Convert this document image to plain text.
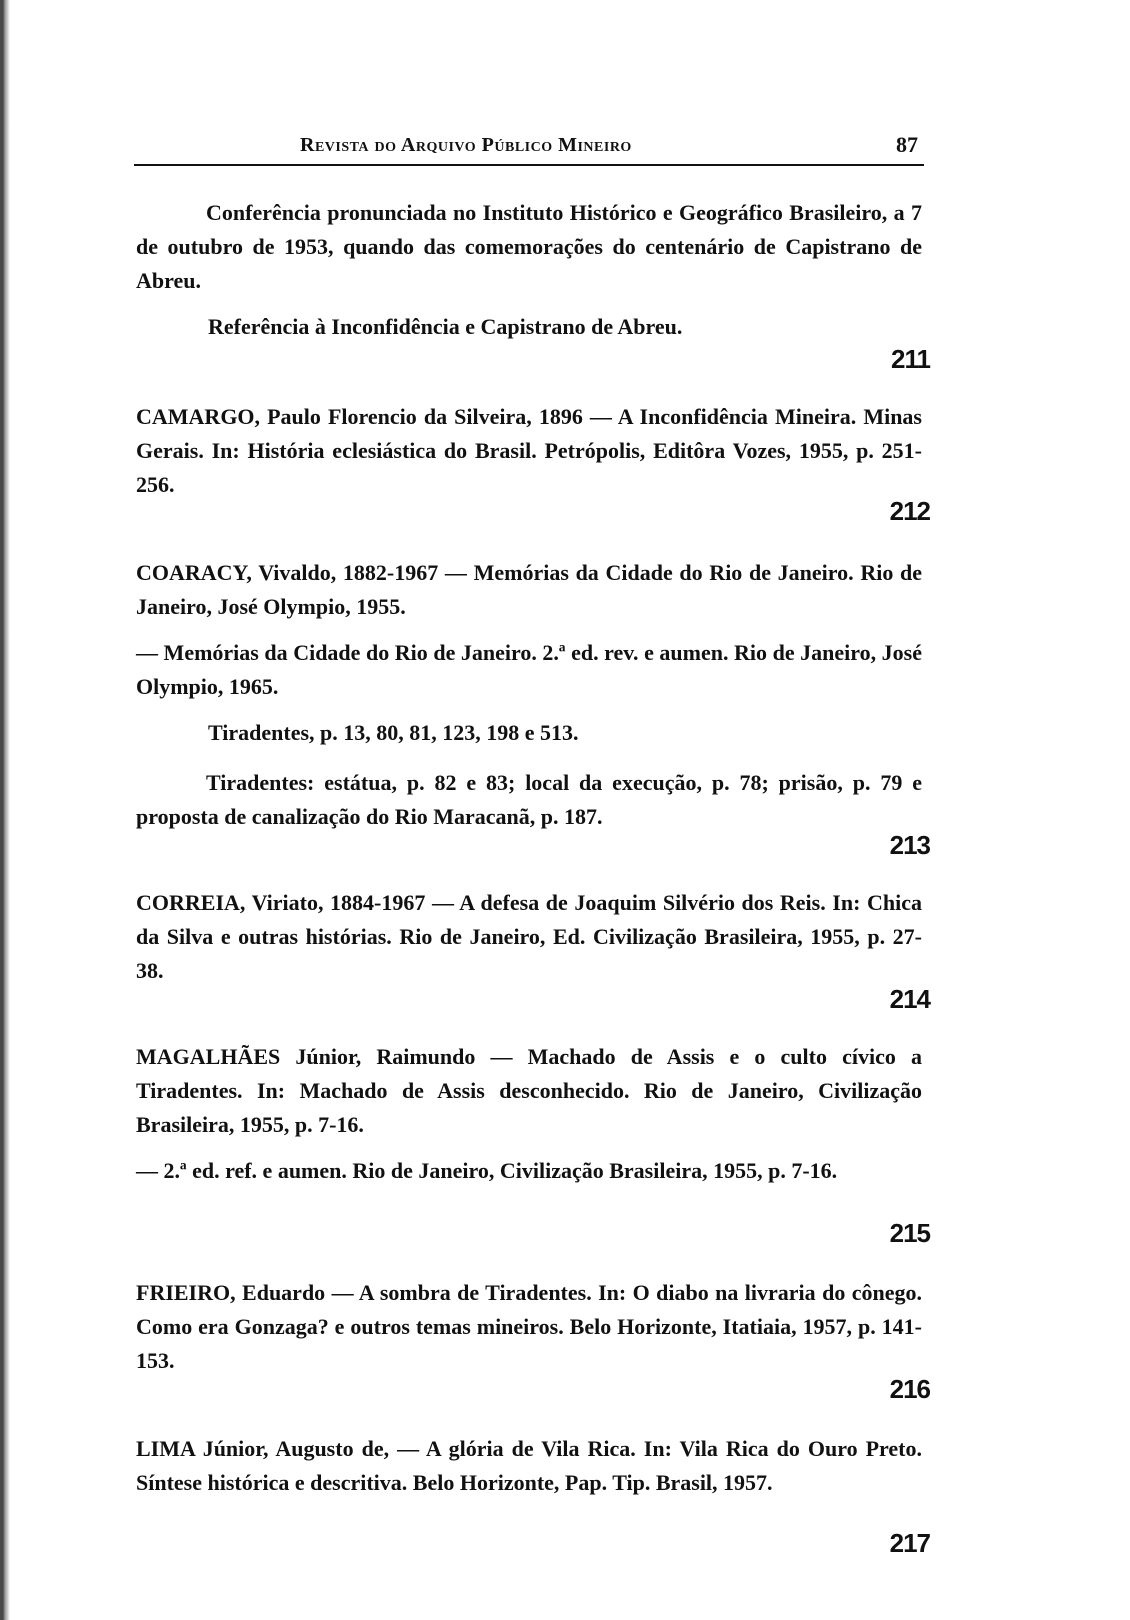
Revista do Arquivo Público Mineiro	87

Conferência pronunciada no Instituto Histórico e Geográfico Brasileiro, a 7 de outubro de 1953, quando das comemorações do centenário de Capistrano de Abreu.

Referência à Inconfidência e Capistrano de Abreu.

211

CAMARGO, Paulo Florencio da Silveira, 1896 — A Inconfidência Mineira. Minas Gerais. In: História eclesiástica do Brasil. Petrópolis, Editôra Vozes, 1955, p. 251-256.

212

COARACY, Vivaldo, 1882-1967 — Memórias da Cidade do Rio de Janeiro. Rio de Janeiro, José Olympio, 1955.

— Memórias da Cidade do Rio de Janeiro. 2.ª ed. rev. e aumen. Rio de Janeiro, José Olympio, 1965.

Tiradentes, p. 13, 80, 81, 123, 198 e 513.

Tiradentes: estátua, p. 82 e 83; local da execução, p. 78; prisão, p. 79 e proposta de canalização do Rio Maracanã, p. 187.

213

CORREIA, Viriato, 1884-1967 — A defesa de Joaquim Silvério dos Reis. In: Chica da Silva e outras histórias. Rio de Janeiro, Ed. Civilização Brasileira, 1955, p. 27-38.

214

MAGALHÃES Júnior, Raimundo — Machado de Assis e o culto cívico a Tiradentes. In: Machado de Assis desconhecido. Rio de Janeiro, Civilização Brasileira, 1955, p. 7-16.

— 2.ª ed. ref. e aumen. Rio de Janeiro, Civilização Brasileira, 1955, p. 7-16.

215

FRIEIRO, Eduardo — A sombra de Tiradentes. In: O diabo na livraria do cônego. Como era Gonzaga? e outros temas mineiros. Belo Horizonte, Itatiaia, 1957, p. 141-153.

216

LIMA Júnior, Augusto de, — A glória de Vila Rica. In: Vila Rica do Ouro Preto. Síntese histórica e descritiva. Belo Horizonte, Pap. Tip. Brasil, 1957.

217
